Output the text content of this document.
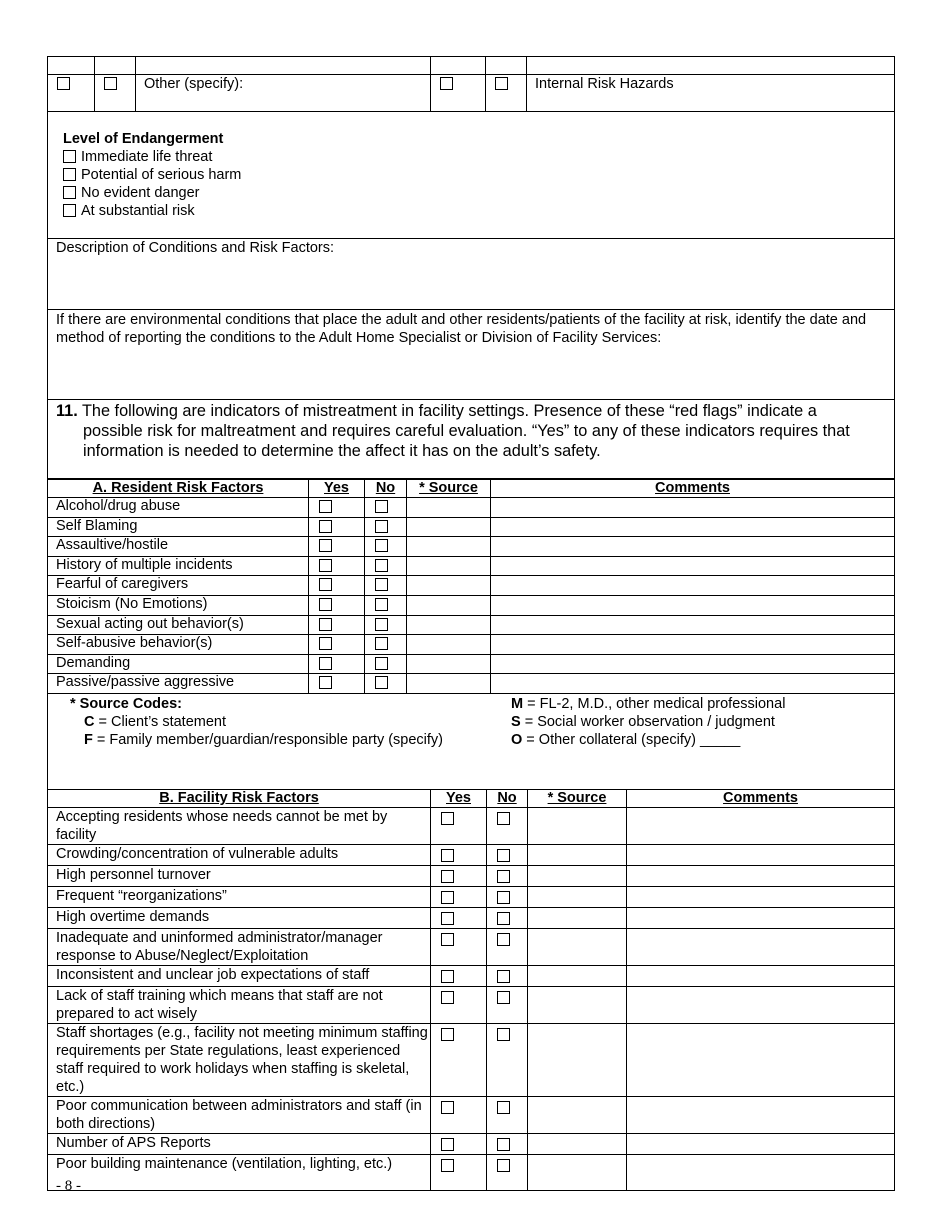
		Other (specify):			Internal Risk Hazards
Level of Endangerment
Immediate life threat
Potential of serious harm
No evident danger
At substantial risk
Description of Conditions and Risk Factors:
If there are environmental conditions that place the adult and other residents/patients of the facility at risk, identify the date and method of reporting the conditions to the Adult Home Specialist or Division of Facility Services:
11. The following are indicators of mistreatment in facility settings. Presence of these “red flags” indicate a possible risk for maltreatment and requires careful evaluation. “Yes” to any of these indicators requires that information is needed to determine the affect it has on the adult’s safety.
A. Resident Risk Factors	Yes	No	* Source	Comments
Alcohol/drug abuse				
Self Blaming				
Assaultive/hostile				
History of multiple incidents				
Fearful of caregivers				
Stoicism (No Emotions)				
Sexual acting out behavior(s)				
Self-abusive behavior(s)				
Demanding				
Passive/passive aggressive				
* Source Codes:
C = Client’s statement
F = Family member/guardian/responsible party (specify)
M = FL-2, M.D., other medical professional
S = Social worker observation / judgment
O = Other collateral (specify) _____
B. Facility Risk Factors	Yes	No	* Source	Comments
Accepting residents whose needs cannot be met by facility				
Crowding/concentration of vulnerable adults				
High personnel turnover				
Frequent “reorganizations”				
High overtime demands				
Inadequate and uninformed administrator/manager response to Abuse/Neglect/Exploitation				
Inconsistent and unclear job expectations of staff				
Lack of staff training which means that staff are not prepared to act wisely				
Staff shortages (e.g., facility not meeting minimum staffing requirements per State regulations, least experienced staff required to work holidays when staffing is skeletal, etc.)				
Poor communication between administrators and staff (in both directions)				
Number of APS Reports				
Poor building maintenance (ventilation, lighting, etc.)				
- 8 -
